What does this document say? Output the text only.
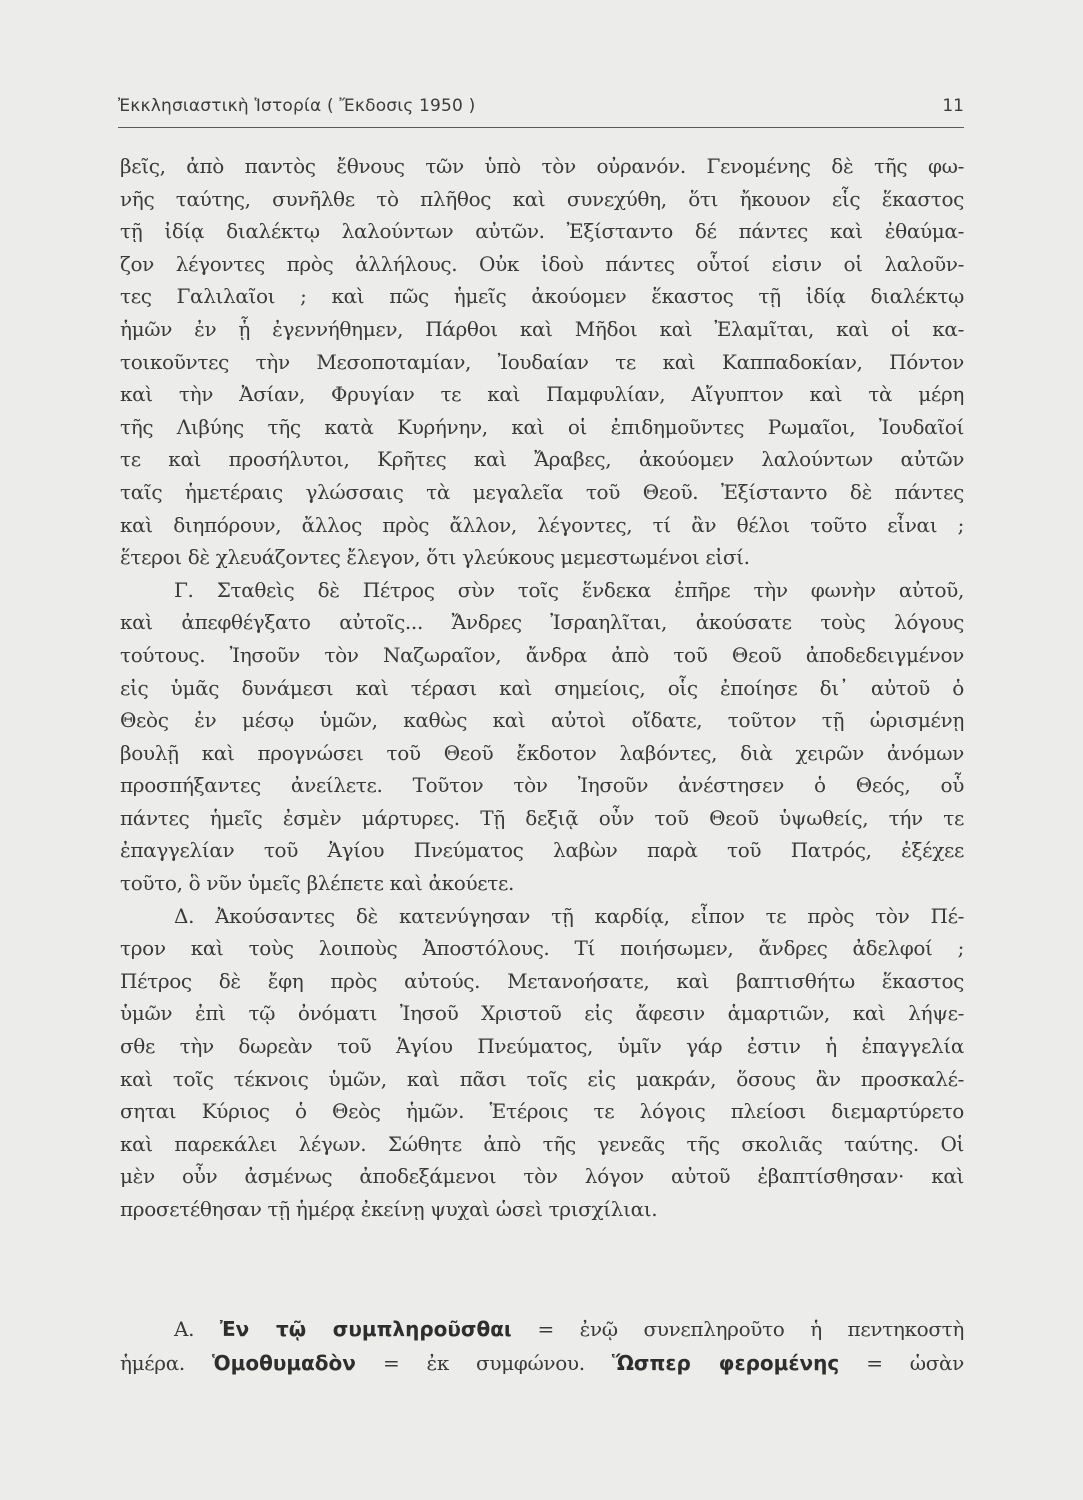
Ἐκκλησιαστικὴ Ἱστορία ( Ἔκδοσις 1950 )	11
βεῖς, ἀπὸ παντὸς ἔθνους τῶν ὑπὸ τὸν οὐρανόν. Γενομένης δὲ τῆς φω-
νῆς ταύτης, συνῆλθε τὸ πλῆθος καὶ συνεχύθη, ὅτι ἤκουον εἷς ἕκαστος
τῇ ἰδίᾳ διαλέκτῳ λαλούντων αὐτῶν. Ἐξίσταντο δέ πάντες καὶ ἐθαύμα-
ζον λέγοντες πρὸς ἀλλήλους. Οὐκ ἰδοὺ πάντες οὗτοί εἰσιν οἱ λαλοῦν-
τες Γαλιλαῖοι ; καὶ πῶς ἡμεῖς ἀκούομεν ἕκαστος τῇ ἰδίᾳ διαλέκτῳ
ἡμῶν ἐν ᾗ ἐγεννήθημεν, Πάρθοι καὶ Μῆδοι καὶ Ἐλαμῖται, καὶ οἱ κα-
τοικοῦντες τὴν Μεσοποταμίαν, Ἰουδαίαν τε καὶ Καππαδοκίαν, Πόντον
καὶ τὴν Ἀσίαν, Φρυγίαν τε καὶ Παμφυλίαν, Αἴγυπτον καὶ τὰ μέρη
τῆς Λιβύης τῆς κατὰ Κυρήνην, καὶ οἱ ἐπιδημοῦντες Ρωμαῖοι, Ἰουδαῖοί
τε καὶ προσήλυτοι, Κρῆτες καὶ Ἄραβες, ἀκούομεν λαλούντων αὐτῶν
ταῖς ἡμετέραις γλώσσαις τὰ μεγαλεῖα τοῦ Θεοῦ. Ἐξίσταντο δὲ πάντες
καὶ διηπόρουν, ἄλλος πρὸς ἄλλον, λέγοντες, τί ἂν θέλοι τοῦτο εἶναι ;
ἕτεροι δὲ χλευάζοντες ἔλεγον, ὅτι γλεύκους μεμεστωμένοι εἰσί.
Γ. Σταθεὶς δὲ Πέτρος σὺν τοῖς ἕνδεκα ἐπῆρε τὴν φωνὴν αὐτοῦ,
καὶ ἀπεφθέγξατο αὐτοῖς... Ἄνδρες Ἰσραηλῖται, ἀκούσατε τοὺς λόγους
τούτους. Ἰησοῦν τὸν Ναζωραῖον, ἄνδρα ἀπὸ τοῦ Θεοῦ ἀποδεδειγμένον
εἰς ὑμᾶς δυνάμεσι καὶ τέρασι καὶ σημείοις, οἷς ἐποίησε δι᾽ αὐτοῦ ὁ
Θεὸς ἐν μέσῳ ὑμῶν, καθὼς καὶ αὐτοὶ οἴδατε, τοῦτον τῇ ὡρισμένῃ
βουλῇ καὶ προγνώσει τοῦ Θεοῦ ἔκδοτον λαβόντες, διὰ χειρῶν ἀνόμων
προσπήξαντες ἀνείλετε. Τοῦτον τὸν Ἰησοῦν ἀνέστησεν ὁ Θεός, οὗ
πάντες ἡμεῖς ἐσμὲν μάρτυρες. Τῇ δεξιᾷ οὖν τοῦ Θεοῦ ὑψωθείς, τήν τε
ἐπαγγελίαν τοῦ Ἁγίου Πνεύματος λαβὼν παρὰ τοῦ Πατρός, ἐξέχεε
τοῦτο, ὃ νῦν ὑμεῖς βλέπετε καὶ ἀκούετε.
Δ. Ἀκούσαντες δὲ κατενύγησαν τῇ καρδίᾳ, εἶπον τε πρὸς τὸν Πέ-
τρον καὶ τοὺς λοιποὺς Ἀποστόλους. Τί ποιήσωμεν, ἄνδρες ἀδελφοί ;
Πέτρος δὲ ἔφη πρὸς αὐτούς. Μετανοήσατε, καὶ βαπτισθήτω ἕκαστος
ὑμῶν ἐπὶ τῷ ὀνόματι Ἰησοῦ Χριστοῦ εἰς ἄφεσιν ἁμαρτιῶν, καὶ λήψε-
σθε τὴν δωρεὰν τοῦ Ἁγίου Πνεύματος, ὑμῖν γάρ ἐστιν ἡ ἐπαγγελία
καὶ τοῖς τέκνοις ὑμῶν, καὶ πᾶσι τοῖς εἰς μακράν, ὅσους ἂν προσκαλέ-
σηται Κύριος ὁ Θεὸς ἡμῶν. Ἑτέροις τε λόγοις πλείοσι διεμαρτύρετο
καὶ παρεκάλει λέγων. Σώθητε ἀπὸ τῆς γενεᾶς τῆς σκολιᾶς ταύτης. Οἱ
μὲν οὖν ἀσμένως ἀποδεξάμενοι τὸν λόγον αὐτοῦ ἐβαπτίσθησαν· καὶ
προσετέθησαν τῇ ἡμέρᾳ ἐκείνῃ ψυχαὶ ὡσεὶ τρισχίλιαι.
Α. Ἐν τῷ συμπληροῦσθαι = ἐνῷ συνεπληροῦτο ἡ πεντηκοστὴ
ἡμέρα. Ὁμοθυμαδὸν = ἐκ συμφώνου. Ὥσπερ φερομένης = ὡσὰν
